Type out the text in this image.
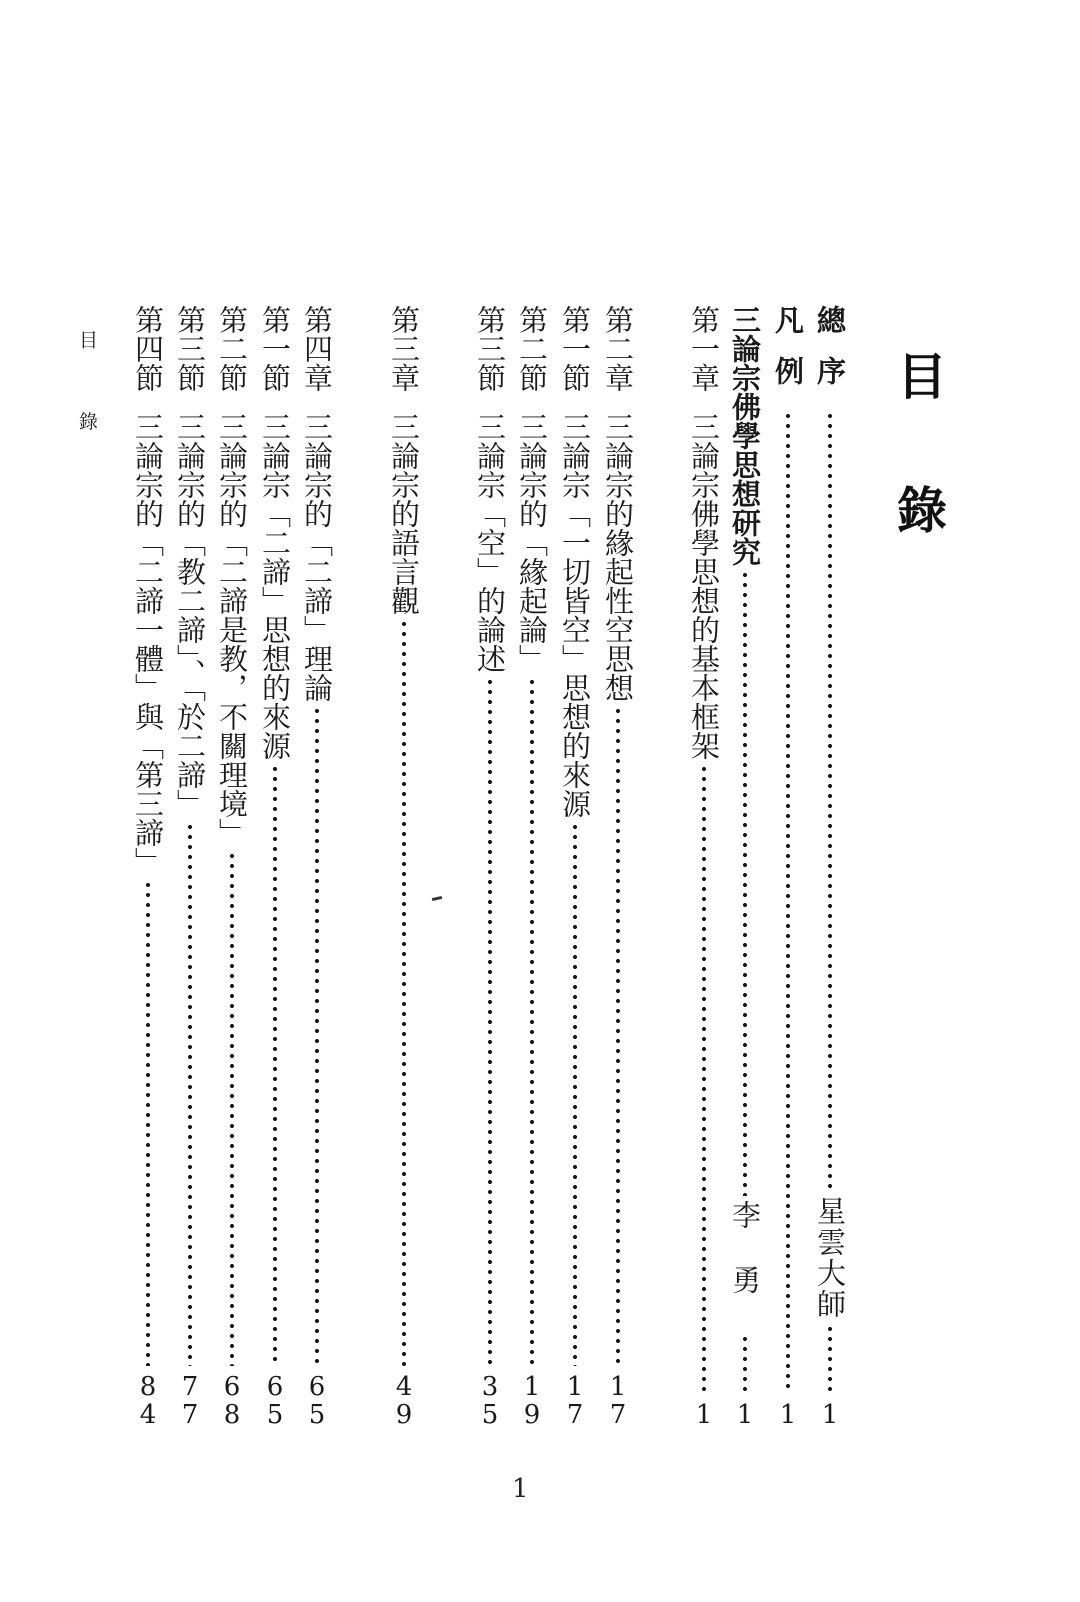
目錄
目 錄
1
總序
星雲大師
1
凡例
1
三論宗佛學思想研究
李勇
1
第一章
三論宗佛學思想的基本框架
1
第二章
三論宗的緣起性空思想
1
7
第一節
三論宗「一切皆空」思想的來源
1
7
第二節
三論宗的「緣起論」
1
9
第三節
三論宗「空」的論述
3
5
第三章
三論宗的語言觀
4
9
第四章
三論宗的「二諦」理論
6
5
第一節
三論宗「二諦」思想的來源
6
5
第二節
三論宗的「二諦是教，不關理境」
6
8
第三節
三論宗的「教二諦」、「於二諦」
7
7
第四節
三論宗的「二諦一體」與「第三諦」
8
4
